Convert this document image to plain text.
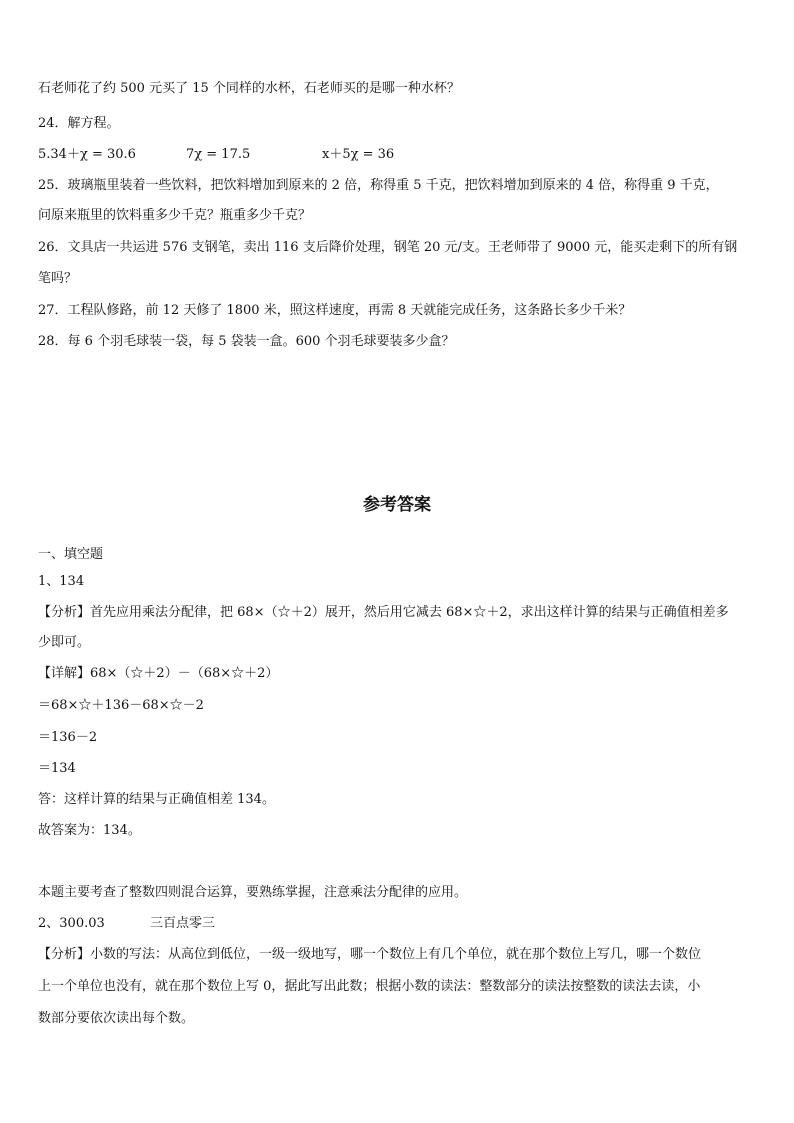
石老师花了约 500 元买了 15 个同样的水杯，石老师买的是哪一种水杯？
24．解方程。
5.34＋χ = 30.6	7χ = 17.5	x＋5χ = 36
25．玻璃瓶里装着一些饮料，把饮料增加到原来的 2 倍，称得重 5 千克，把饮料增加到原来的 4 倍，称得重 9 千克，
问原来瓶里的饮料重多少千克？瓶重多少千克？
26．文具店一共运进 576 支钢笔，卖出 116 支后降价处理，钢笔 20 元/支。王老师带了 9000 元，能买走剩下的所有钢
笔吗？
27．工程队修路，前 12 天修了 1800 米，照这样速度，再需 8 天就能完成任务，这条路长多少千米？
28．每 6 个羽毛球装一袋，每 5 袋装一盒。600 个羽毛球要装多少盒？
参考答案
一、填空题
1、134
【分析】首先应用乘法分配律，把 68×（☆＋2）展开，然后用它减去 68×☆＋2，求出这样计算的结果与正确值相差多
少即可。
【详解】68×（☆＋2）－（68×☆＋2）
＝68×☆＋136－68×☆－2
＝136－2
＝134
答：这样计算的结果与正确值相差 134。
故答案为：134。
本题主要考查了整数四则混合运算，要熟练掌握，注意乘法分配律的应用。
2、300.03	三百点零三
【分析】小数的写法：从高位到低位，一级一级地写，哪一个数位上有几个单位，就在那个数位上写几，哪一个数位
上一个单位也没有，就在那个数位上写 0，据此写出此数；根据小数的读法：整数部分的读法按整数的读法去读，小
数部分要依次读出每个数。
